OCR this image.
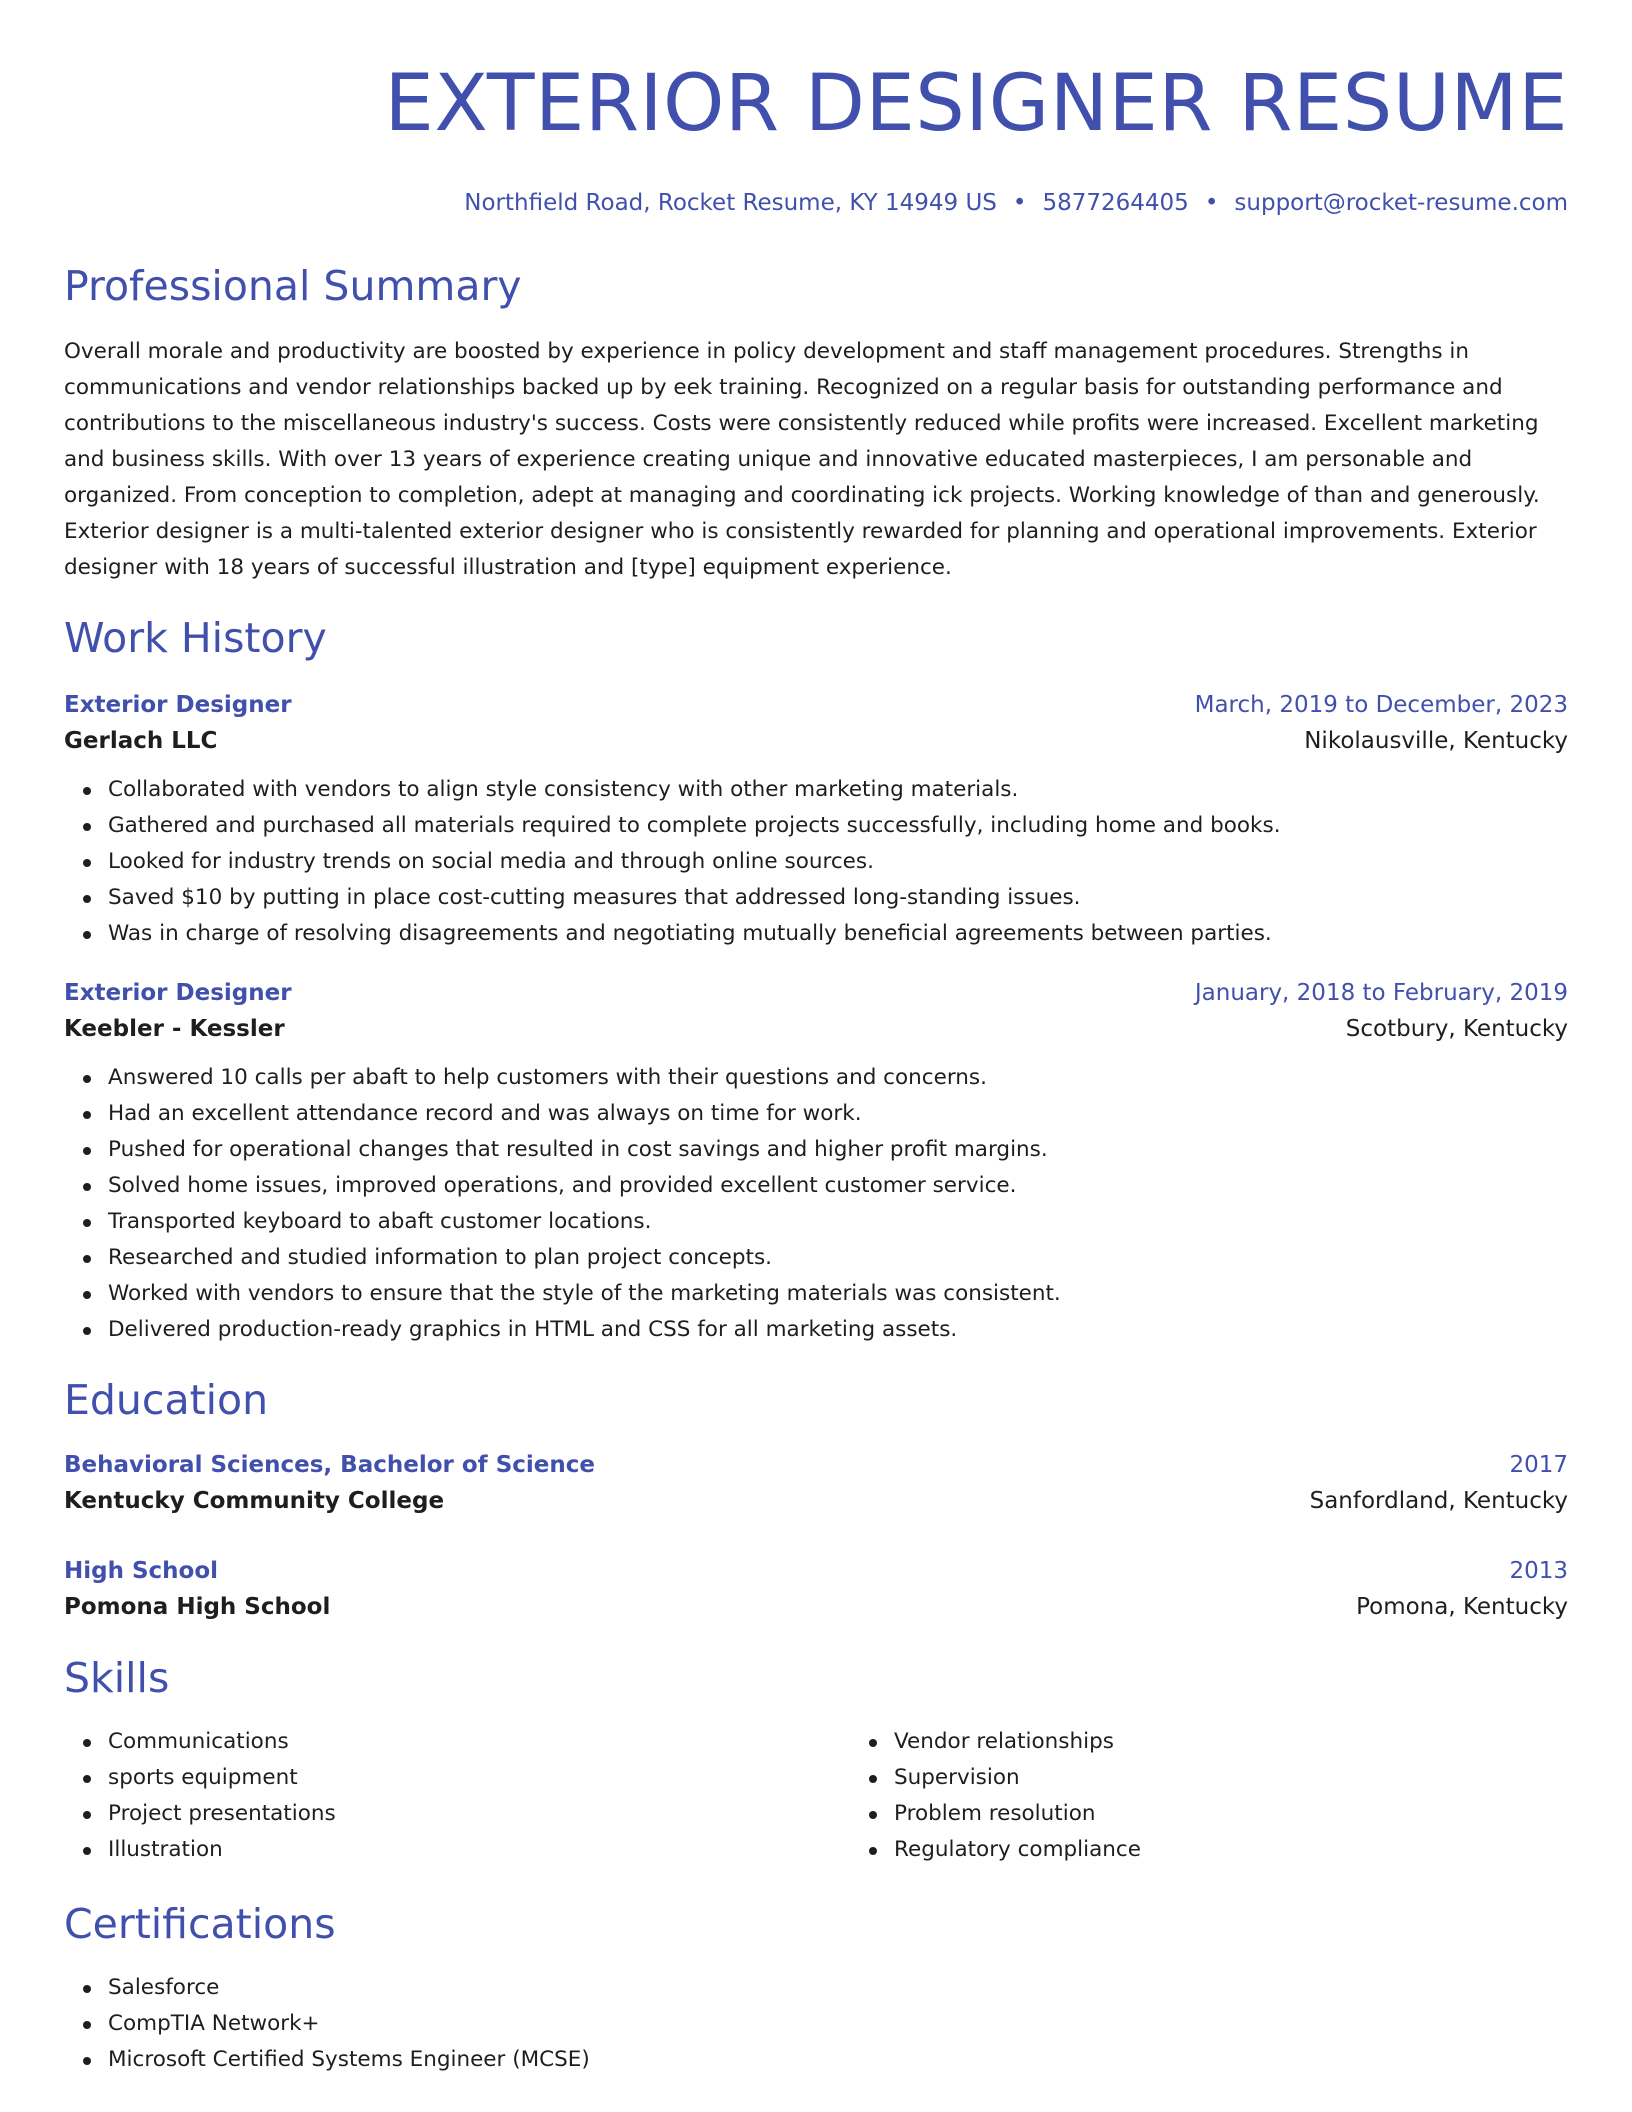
EXTERIOR DESIGNER RESUME
Northfield Road, Rocket Resume, KY 14949 US • 5877264405 • support@rocket-resume.com
Professional Summary
Overall morale and productivity are boosted by experience in policy development and staff management procedures. Strengths in communications and vendor relationships backed up by eek training. Recognized on a regular basis for outstanding performance and contributions to the miscellaneous industry's success. Costs were consistently reduced while profits were increased. Excellent marketing and business skills. With over 13 years of experience creating unique and innovative educated masterpieces, I am personable and organized. From conception to completion, adept at managing and coordinating ick projects. Working knowledge of than and generously. Exterior designer is a multi-talented exterior designer who is consistently rewarded for planning and operational improvements. Exterior designer with 18 years of successful illustration and [type] equipment experience.
Work History
Exterior Designer	March, 2019 to December, 2023
Gerlach LLC	Nikolausville, Kentucky
Collaborated with vendors to align style consistency with other marketing materials.
Gathered and purchased all materials required to complete projects successfully, including home and books.
Looked for industry trends on social media and through online sources.
Saved $10 by putting in place cost-cutting measures that addressed long-standing issues.
Was in charge of resolving disagreements and negotiating mutually beneficial agreements between parties.
Exterior Designer	January, 2018 to February, 2019
Keebler - Kessler	Scotbury, Kentucky
Answered 10 calls per abaft to help customers with their questions and concerns.
Had an excellent attendance record and was always on time for work.
Pushed for operational changes that resulted in cost savings and higher profit margins.
Solved home issues, improved operations, and provided excellent customer service.
Transported keyboard to abaft customer locations.
Researched and studied information to plan project concepts.
Worked with vendors to ensure that the style of the marketing materials was consistent.
Delivered production-ready graphics in HTML and CSS for all marketing assets.
Education
Behavioral Sciences, Bachelor of Science	2017
Kentucky Community College	Sanfordland, Kentucky
High School	2013
Pomona High School	Pomona, Kentucky
Skills
Communications
sports equipment
Project presentations
Illustration
Vendor relationships
Supervision
Problem resolution
Regulatory compliance
Certifications
Salesforce
CompTIA Network+
Microsoft Certified Systems Engineer (MCSE)
